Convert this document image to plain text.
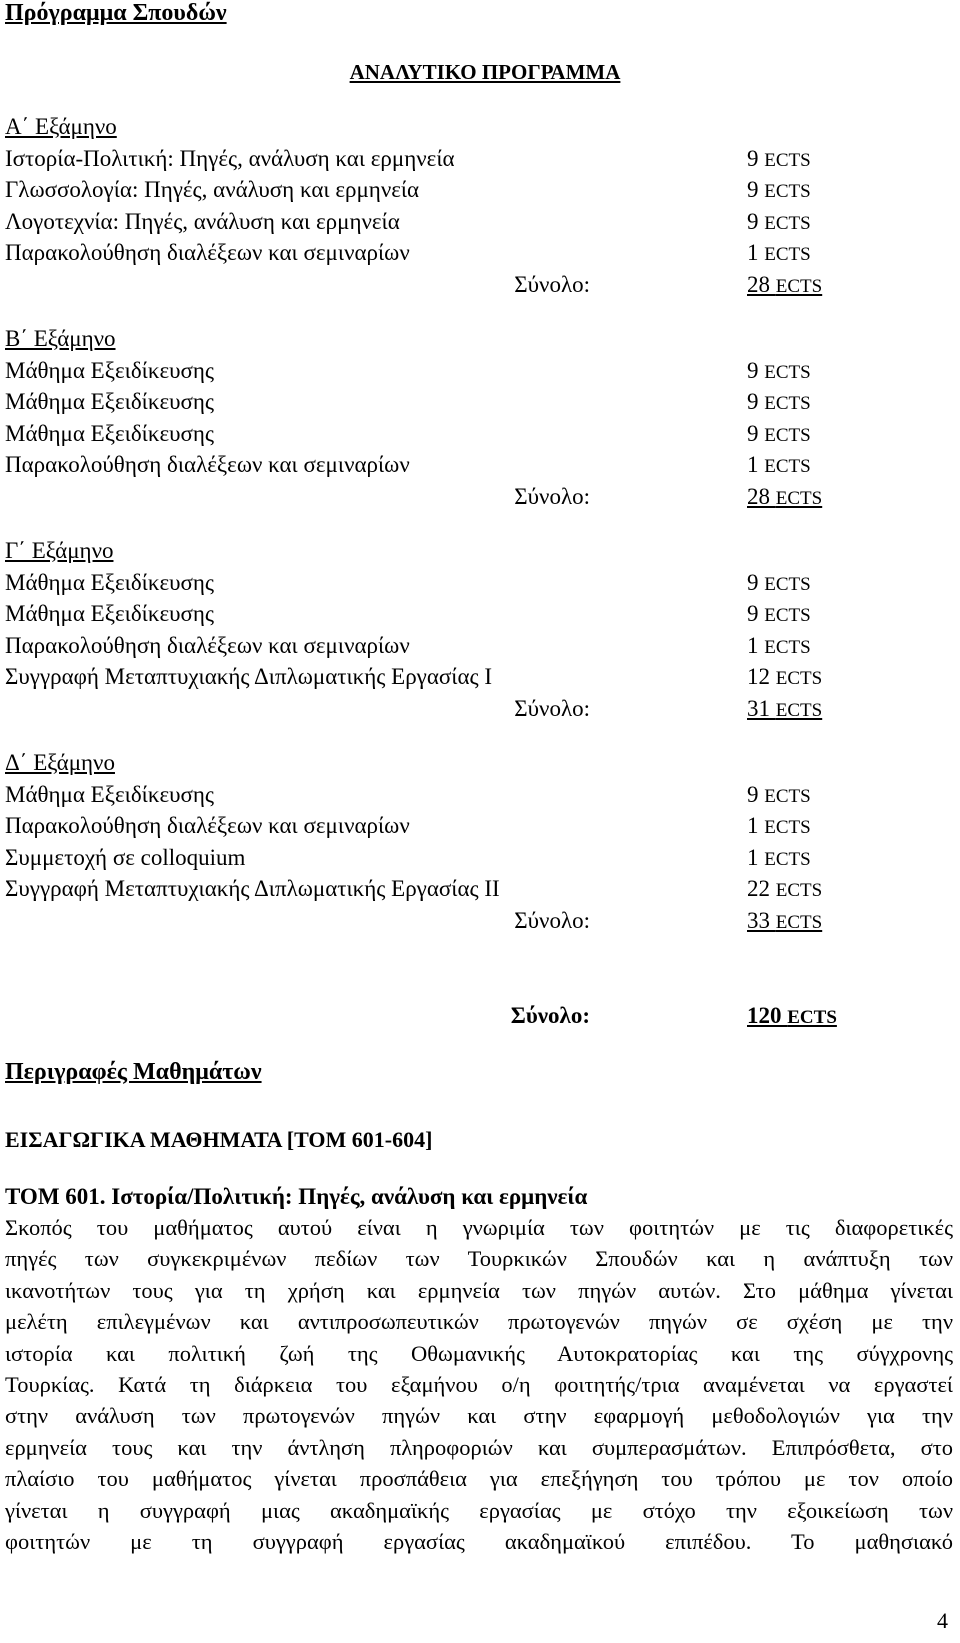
Πρόγραμμα Σπουδών
ΑΝΑΛΥΤΙΚΟ ΠΡΟΓΡΑΜΜΑ
Α΄ Εξάμηνο
Ιστορία-Πολιτική: Πηγές, ανάλυση και ερμηνεία	9 ECTS
Γλωσσολογία: Πηγές, ανάλυση και ερμηνεία	9 ECTS
Λογοτεχνία: Πηγές, ανάλυση και ερμηνεία	9 ECTS
Παρακολούθηση διαλέξεων και σεμιναρίων	1 ECTS
Σύνολο:	28 ECTS
Β΄ Εξάμηνο
Μάθημα Εξειδίκευσης	9 ECTS
Μάθημα Εξειδίκευσης	9 ECTS
Μάθημα Εξειδίκευσης	9 ECTS
Παρακολούθηση διαλέξεων και σεμιναρίων	1 ECTS
Σύνολο:	28 ECTS
Γ΄ Εξάμηνο
Μάθημα Εξειδίκευσης	9 ECTS
Μάθημα Εξειδίκευσης	9 ECTS
Παρακολούθηση διαλέξεων και σεμιναρίων	1 ECTS
Συγγραφή Μεταπτυχιακής Διπλωματικής Εργασίας Ι	12 ECTS
Σύνολο:	31 ECTS
Δ΄ Εξάμηνο
Μάθημα Εξειδίκευσης	9 ECTS
Παρακολούθηση διαλέξεων και σεμιναρίων	1 ECTS
Συμμετοχή σε colloquium	1 ECTS
Συγγραφή Μεταπτυχιακής Διπλωματικής Εργασίας ΙΙ	22 ECTS
Σύνολο:	33 ECTS
Σύνολο:	120 ECTS
Περιγραφές Μαθημάτων
ΕΙΣΑΓΩΓΙΚΑ ΜΑΘΗΜΑΤΑ [ΤΟΜ 601-604]
ΤΟΜ 601. Ιστορία/Πολιτική: Πηγές, ανάλυση και ερμηνεία

Σκοπός του μαθήματος αυτού είναι η γνωριμία των φοιτητών με τις διαφορετικές

πηγές των συγκεκριμένων πεδίων των Τουρκικών Σπουδών και η ανάπτυξη των

ικανοτήτων τους για τη χρήση και ερμηνεία των πηγών αυτών. Στο μάθημα γίνεται

μελέτη επιλεγμένων και αντιπροσωπευτικών πρωτογενών πηγών σε σχέση με την

ιστορία και πολιτική ζωή της Οθωμανικής Αυτοκρατορίας και της σύγχρονης

Τουρκίας. Κατά τη διάρκεια του εξαμήνου ο/η φοιτητής/τρια αναμένεται να εργαστεί

στην ανάλυση των πρωτογενών πηγών και στην εφαρμογή μεθοδολογιών για την

ερμηνεία τους και την άντληση πληροφοριών και συμπερασμάτων. Επιπρόσθετα, στο

πλαίσιο του μαθήματος γίνεται προσπάθεια για επεξήγηση του τρόπου με τον οποίο

γίνεται η συγγραφή μιας ακαδημαϊκής εργασίας με στόχο την εξοικείωση των

φοιτητών με τη συγγραφή εργασίας ακαδημαϊκού επιπέδου. Το μαθησιακό

4
